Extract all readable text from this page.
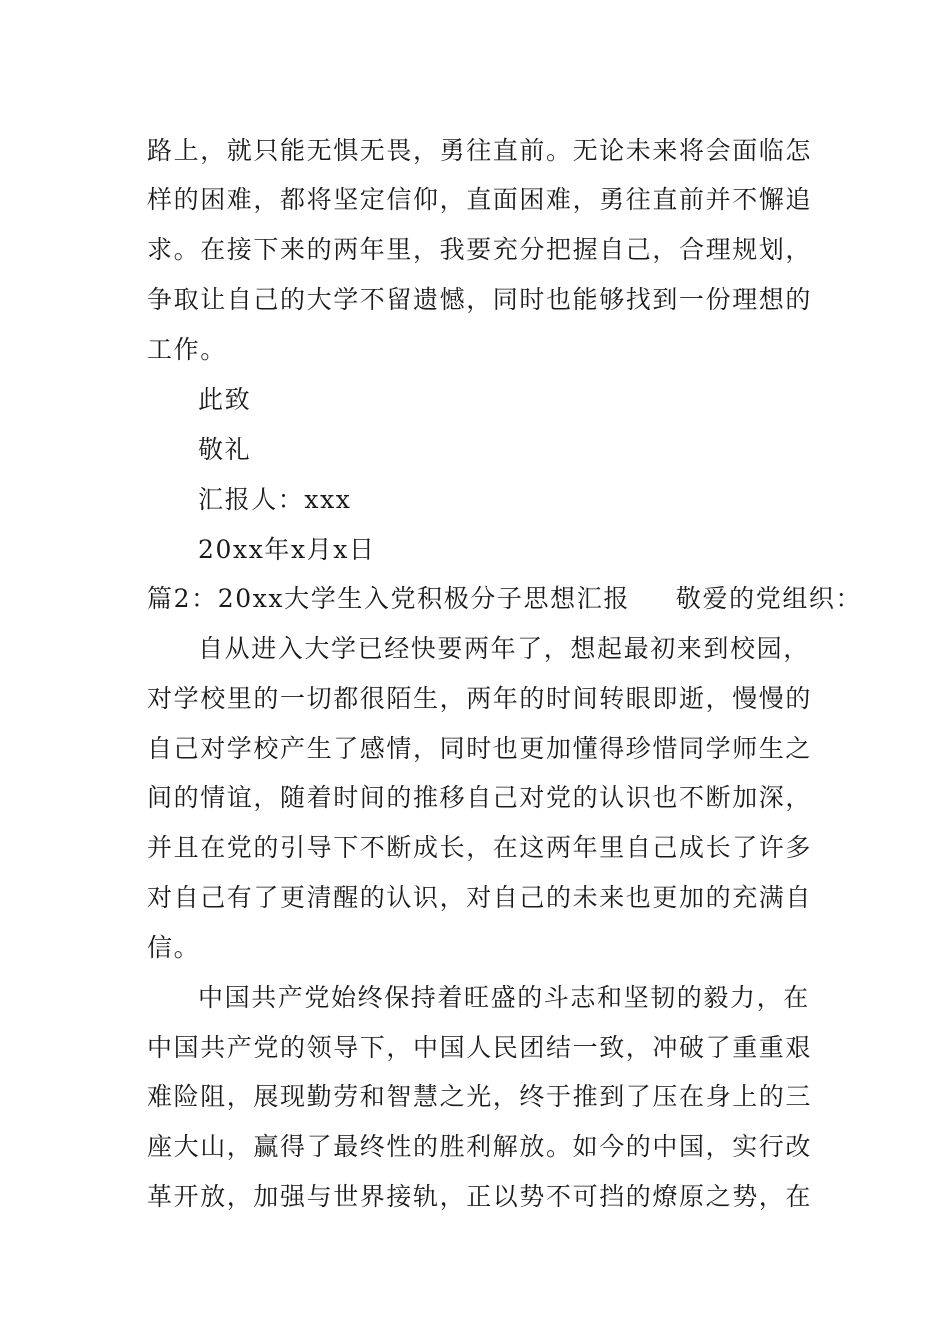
路上，就只能无惧无畏，勇往直前。无论未来将会面临怎
样的困难，都将坚定信仰，直面困难，勇往直前并不懈追
求。在接下来的两年里，我要充分把握自己，合理规划，
争取让自己的大学不留遗憾，同时也能够找到一份理想的
工作。
此致
敬礼
汇报人：xxx
20xx年x月x日
篇2：20xx大学生入党积极分子思想汇报 敬爱的党组织：
自从进入大学已经快要两年了，想起最初来到校园，
对学校里的一切都很陌生，两年的时间转眼即逝，慢慢的
自己对学校产生了感情，同时也更加懂得珍惜同学师生之
间的情谊，随着时间的推移自己对党的认识也不断加深，
并且在党的引导下不断成长，在这两年里自己成长了许多
对自己有了更清醒的认识，对自己的未来也更加的充满自
信。
中国共产党始终保持着旺盛的斗志和坚韧的毅力，在
中国共产党的领导下，中国人民团结一致，冲破了重重艰
难险阻，展现勤劳和智慧之光，终于推到了压在身上的三
座大山，赢得了最终性的胜利解放。如今的中国，实行改
革开放，加强与世界接轨，正以势不可挡的燎原之势，在
